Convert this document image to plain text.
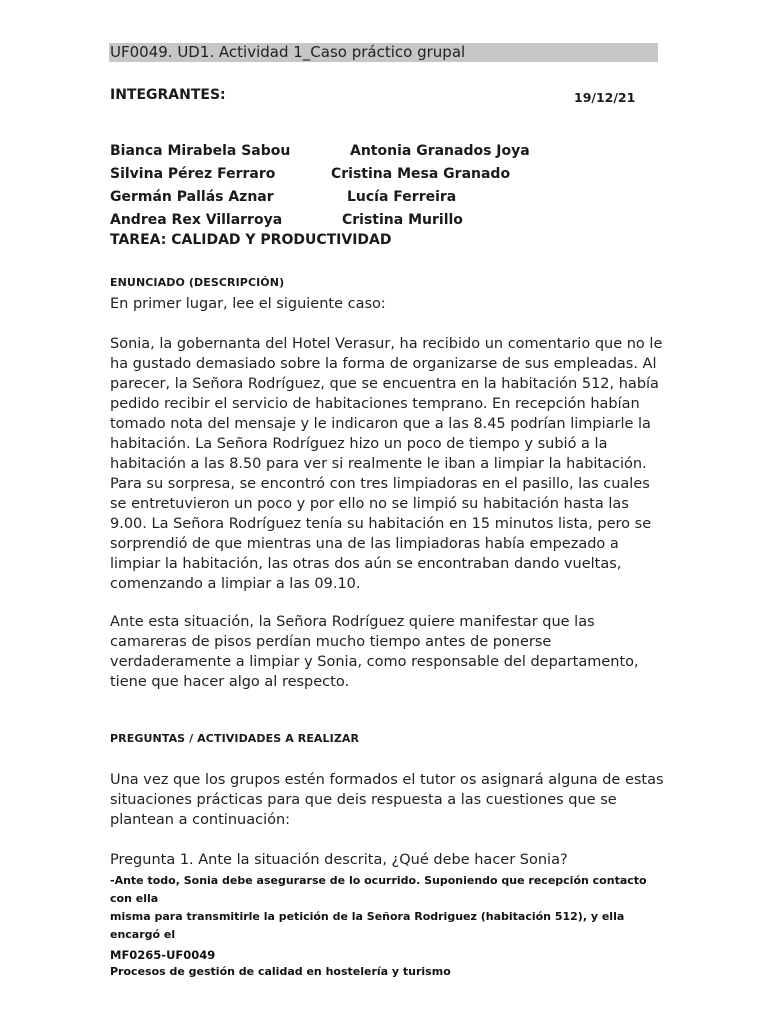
UF0049. UD1. Actividad 1_Caso práctico grupal
INTEGRANTES:	19/12/21
Bianca Mirabela Sabou	Antonia Granados Joya
Silvina Pérez Ferraro	Cristina Mesa Granado
Germán Pallás Aznar	Lucía Ferreira
Andrea Rex Villarroya	Cristina Murillo
TAREA: CALIDAD Y PRODUCTIVIDAD
ENUNCIADO (DESCRIPCIÓN)

En primer lugar, lee el siguiente caso:

Sonia, la gobernanta del Hotel Verasur, ha recibido un comentario que no le

ha gustado demasiado sobre la forma de organizarse de sus empleadas. Al

parecer, la Señora Rodríguez, que se encuentra en la habitación 512, había

pedido recibir el servicio de habitaciones temprano. En recepción habían

tomado nota del mensaje y le indicaron que a las 8.45 podrían limpiarle la

habitación. La Señora Rodríguez hizo un poco de tiempo y subió a la

habitación a las 8.50 para ver si realmente le iban a limpiar la habitación.

Para su sorpresa, se encontró con tres limpiadoras en el pasillo, las cuales

se entretuvieron un poco y por ello no se limpió su habitación hasta las

9.00. La Señora Rodríguez tenía su habitación en 15 minutos lista, pero se

sorprendió de que mientras una de las limpiadoras había empezado a

limpiar la habitación, las otras dos aún se encontraban dando vueltas,

comenzando a limpiar a las 09.10.

Ante esta situación, la Señora Rodríguez quiere manifestar que las

camareras de pisos perdían mucho tiempo antes de ponerse

verdaderamente a limpiar y Sonia, como responsable del departamento,

tiene que hacer algo al respecto.

PREGUNTAS / ACTIVIDADES A REALIZAR

Una vez que los grupos estén formados el tutor os asignará alguna de estas

situaciones prácticas para que deis respuesta a las cuestiones que se

plantean a continuación:

Pregunta 1. Ante la situación descrita, ¿Qué debe hacer Sonia?

-Ante todo, Sonia debe asegurarse de lo ocurrido. Suponiendo que recepción contacto con ella
misma para transmitirle la petición de la Señora Rodriguez (habitación 512), y ella encargó el
MF0265-UF0049
Procesos de gestión de calidad en hostelería y turismo
